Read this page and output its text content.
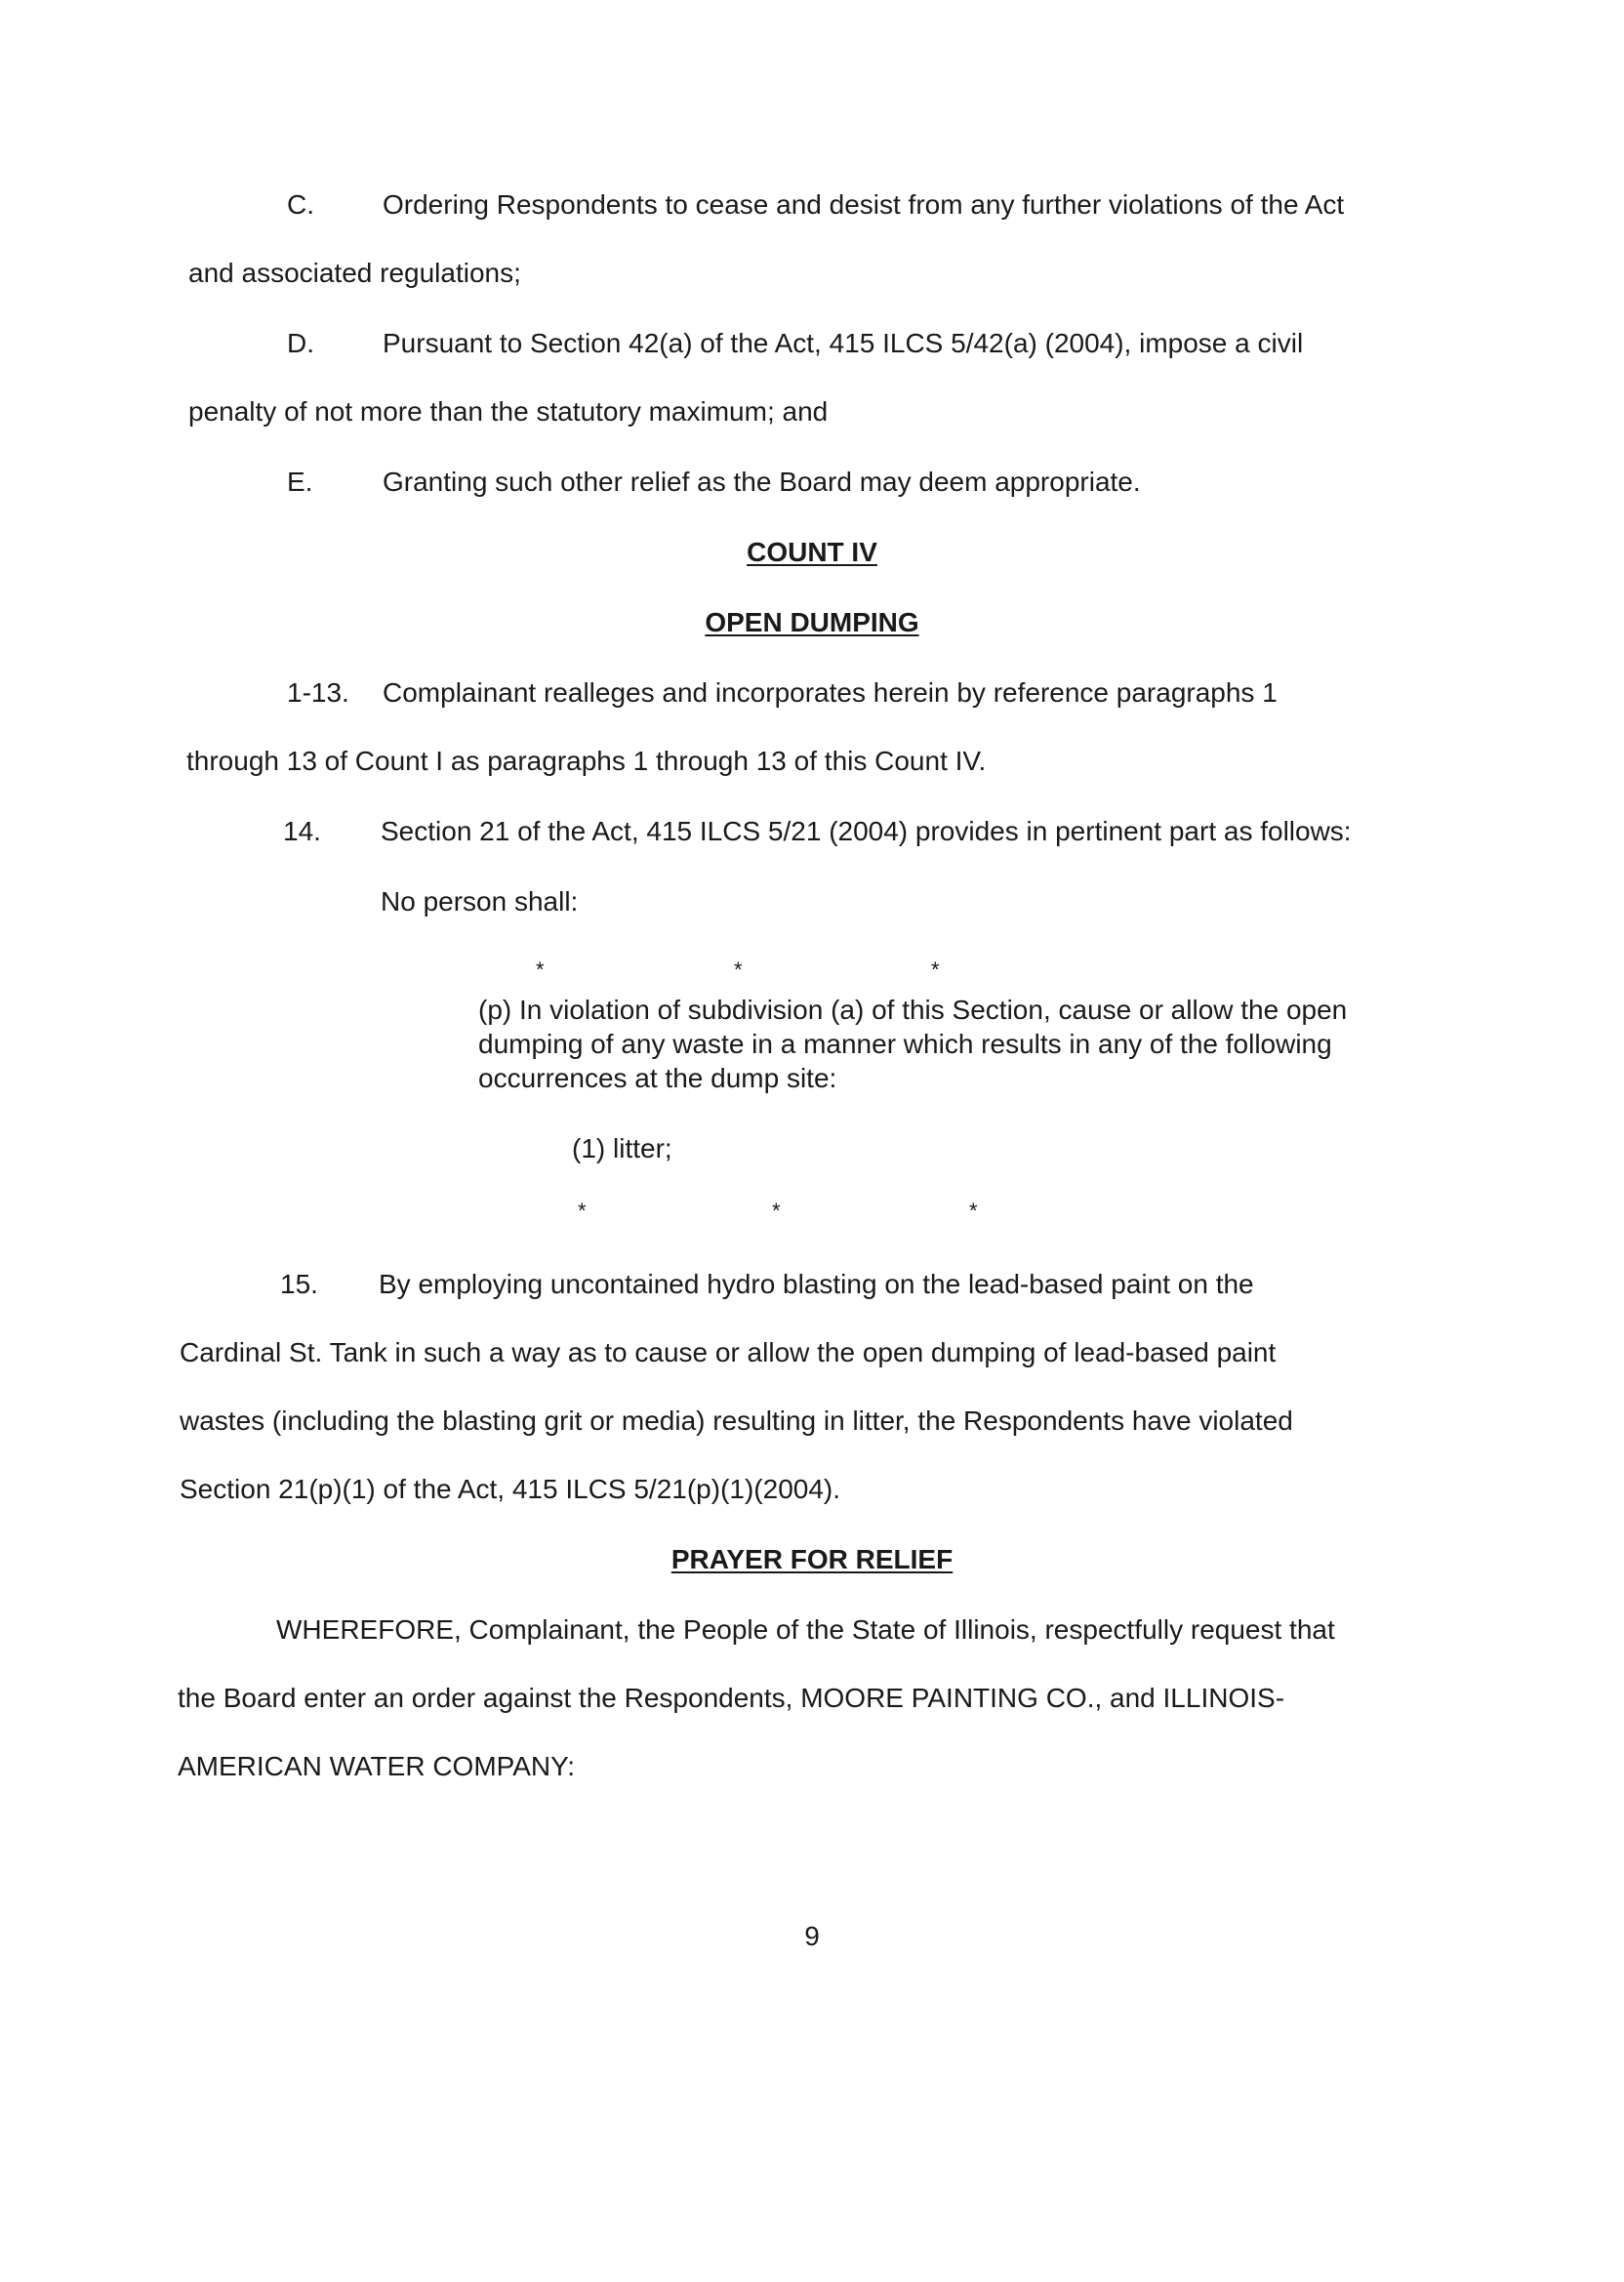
C.	Ordering Respondents to cease and desist from any further violations of the Act
and associated regulations;
D.	Pursuant to Section 42(a) of the Act, 415 ILCS 5/42(a) (2004), impose a civil
penalty of not more than the statutory maximum; and
E.	Granting such other relief as the Board may deem appropriate.
COUNT IV
OPEN DUMPING
1-13. Complainant realleges and incorporates herein by reference paragraphs 1
through 13 of Count I as paragraphs 1 through 13 of this Count IV.
14. Section 21 of the Act, 415 ILCS 5/21 (2004) provides in pertinent part as follows:
No person shall:
*	*	*
(p) In violation of subdivision (a) of this Section, cause or allow the open
dumping of any waste in a manner which results in any of the following
occurrences at the dump site:
(1) litter;
*	*	*
15. By employing uncontained hydro blasting on the lead-based paint on the
Cardinal St. Tank in such a way as to cause or allow the open dumping of lead-based paint
wastes (including the blasting grit or media) resulting in litter, the Respondents have violated
Section 21(p)(1) of the Act, 415 ILCS 5/21(p)(1)(2004).
PRAYER FOR RELIEF
WHEREFORE, Complainant, the People of the State of Illinois, respectfully request that
the Board enter an order against the Respondents, MOORE PAINTING CO., and ILLINOIS-
AMERICAN WATER COMPANY:
9
